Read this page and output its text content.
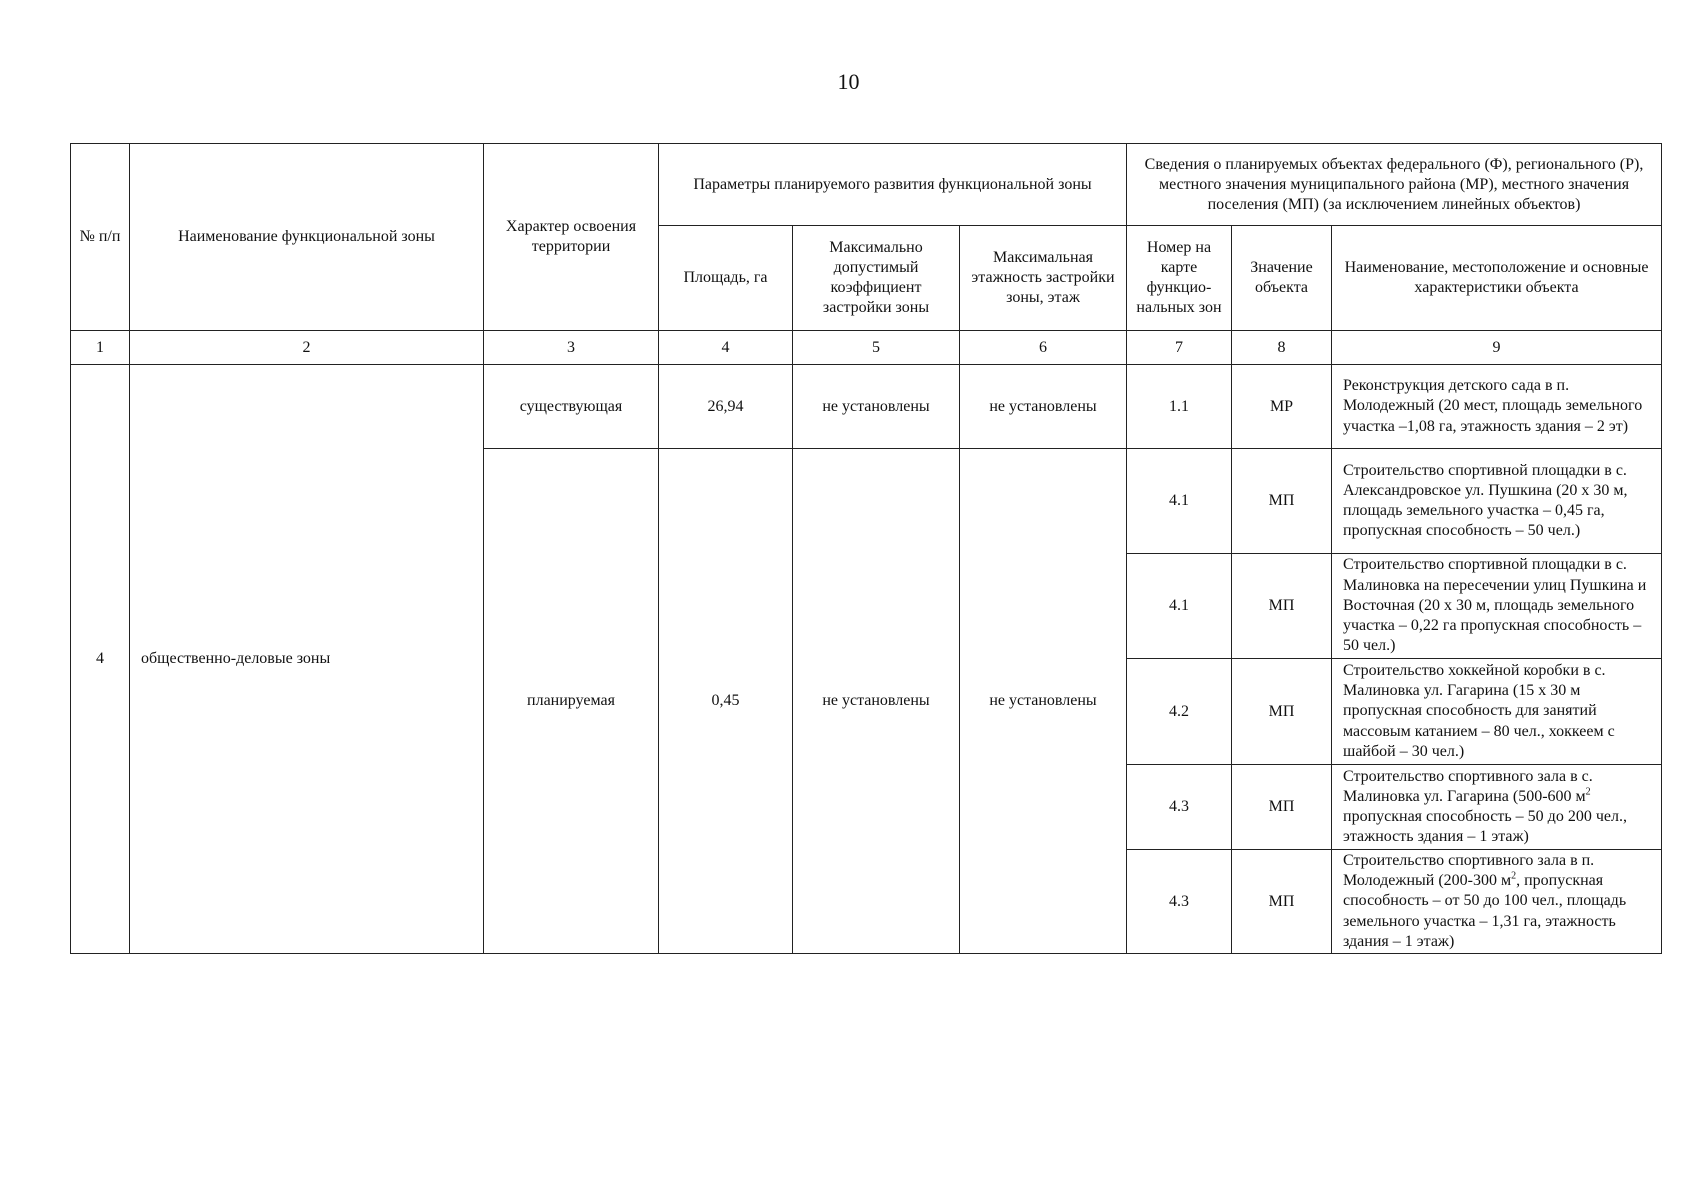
10
№ п/п	Наименование функциональной зоны	Характер освоения территории	Параметры планируемого развития функциональной зоны			Сведения о планируемых объектах федерального (Ф), регионального (Р), местного значения муниципального района (МР), местного значения поселения (МП) (за исключением линейных объектов)		
			Площадь, га	Максимально допустимый коэффициент застройки зоны	Максимальная этажность застройки зоны, этаж	Номер на карте функцио-нальных зон	Значение объекта	Наименование, местоположение и основные характеристики объекта
1	2	3	4	5	6	7	8	9
4	общественно-деловые зоны	существующая	26,94	не установлены	не установлены	1.1	МР	Реконструкция детского сада в п. Молодежный (20 мест, площадь земельного участка –1,08 га, этажность здания – 2 эт)
		планируемая	0,45	не установлены	не установлены	4.1	МП	Строительство спортивной площадки в с. Александровское ул. Пушкина (20 х 30 м, площадь земельного участка – 0,45 га, пропускная способность – 50 чел.)
						4.1	МП	Строительство спортивной площадки в с. Малиновка на пересечении улиц Пушкина и Восточная (20 х 30 м, площадь земельного участка – 0,22 га пропускная способность – 50 чел.)
						4.2	МП	Строительство хоккейной коробки в с. Малиновка ул. Гагарина (15 х 30 м пропускная способность для занятий массовым катанием – 80 чел., хоккеем с шайбой – 30 чел.)
						4.3	МП	Строительство спортивного зала в с. Малиновка ул. Гагарина (500-600 $м^2$ пропускная способность – 50 до 200 чел., этажность здания – 1 этаж)
						4.3	МП	Строительство спортивного зала в п. Молодежный (200-300 $м^2$, пропускная способность – от 50 до 100 чел., площадь земельного участка – 1,31 га, этажность здания – 1 этаж)
